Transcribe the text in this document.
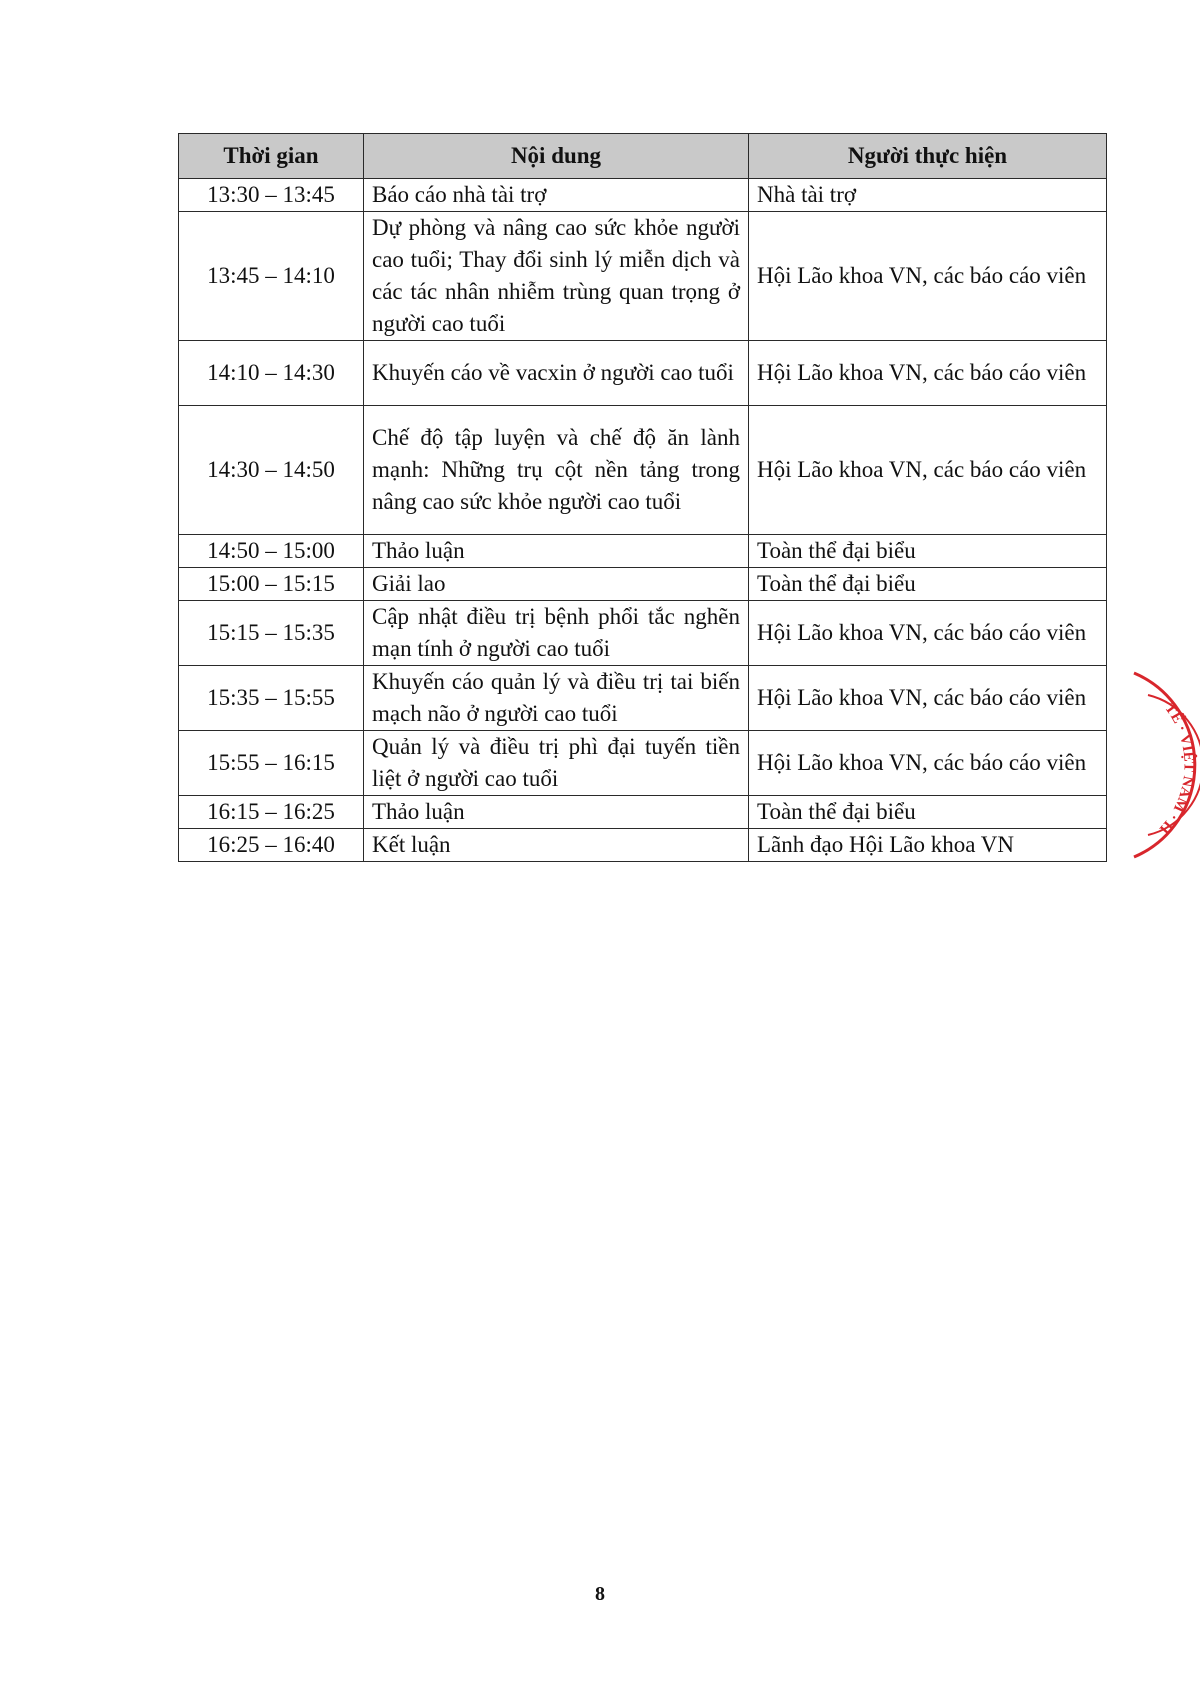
Thời gian	Nội dung	Người thực hiện
13:30 – 13:45	Báo cáo nhà tài trợ	Nhà tài trợ
13:45 – 14:10	Dự phòng và nâng cao sức khỏe người cao tuổi; Thay đổi sinh lý miễn dịch và các tác nhân nhiễm trùng quan trọng ở người cao tuổi	Hội Lão khoa VN, các báo cáo viên
14:10 – 14:30	Khuyến cáo về vacxin ở người cao tuổi	Hội Lão khoa VN, các báo cáo viên
14:30 – 14:50	Chế độ tập luyện và chế độ ăn lành mạnh: Những trụ cột nền tảng trong nâng cao sức khỏe người cao tuổi	Hội Lão khoa VN, các báo cáo viên
14:50 – 15:00	Thảo luận	Toàn thể đại biểu
15:00 – 15:15	Giải lao	Toàn thể đại biểu
15:15 – 15:35	Cập nhật điều trị bệnh phổi tắc nghẽn mạn tính ở người cao tuổi	Hội Lão khoa VN, các báo cáo viên
15:35 – 15:55	Khuyến cáo quản lý và điều trị tai biến mạch não ở người cao tuổi	Hội Lão khoa VN, các báo cáo viên
15:55 – 16:15	Quản lý và điều trị phì đại tuyến tiền liệt ở người cao tuổi	Hội Lão khoa VN, các báo cáo viên
16:15 – 16:25	Thảo luận	Toàn thể đại biểu
16:25 – 16:40	Kết luận	Lãnh đạo Hội Lão khoa VN
TẾ · VIỆT NAM · H
8
